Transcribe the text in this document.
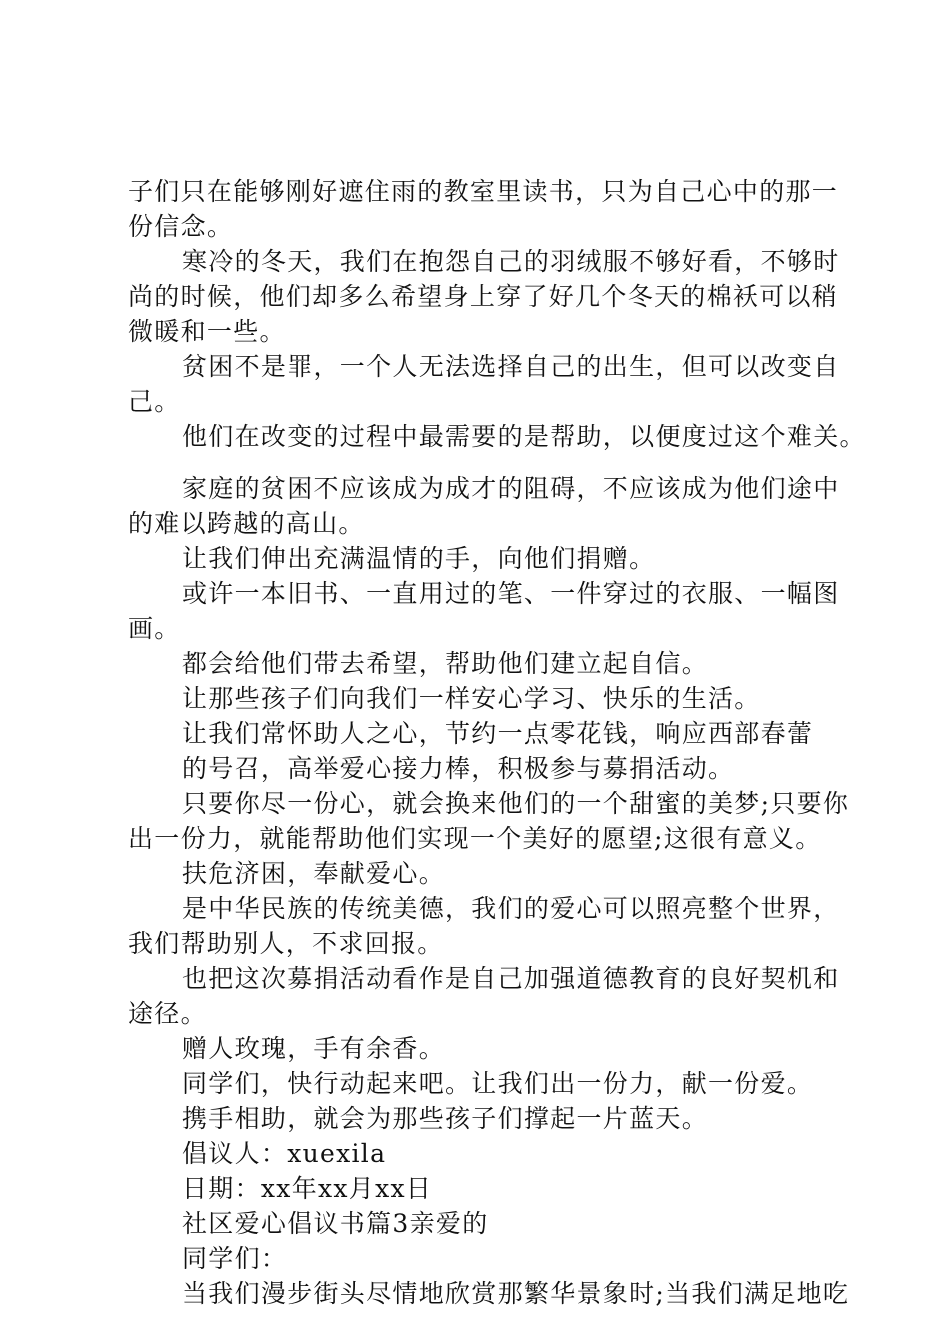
子们只在能够刚好遮住雨的教室里读书，只为自己心中的那一
份信念。
寒冷的冬天，我们在抱怨自己的羽绒服不够好看，不够时
尚的时候，他们却多么希望身上穿了好几个冬天的棉袄可以稍
微暖和一些。
贫困不是罪，一个人无法选择自己的出生，但可以改变自
己。
他们在改变的过程中最需要的是帮助，以便度过这个难关。
家庭的贫困不应该成为成才的阻碍，不应该成为他们途中
的难以跨越的高山。
让我们伸出充满温情的手，向他们捐赠。
或许一本旧书、一直用过的笔、一件穿过的衣服、一幅图
画。
都会给他们带去希望，帮助他们建立起自信。
让那些孩子们向我们一样安心学习、快乐的生活。
让我们常怀助人之心，节约一点零花钱，响应西部春蕾
的号召，高举爱心接力棒，积极参与募捐活动。
只要你尽一份心，就会换来他们的一个甜蜜的美梦;只要你
出一份力，就能帮助他们实现一个美好的愿望;这很有意义。
扶危济困，奉献爱心。
是中华民族的传统美德，我们的爱心可以照亮整个世界，
我们帮助别人，不求回报。
也把这次募捐活动看作是自己加强道德教育的良好契机和
途径。
赠人玫瑰，手有余香。
同学们，快行动起来吧。让我们出一份力，献一份爱。
携手相助，就会为那些孩子们撑起一片蓝天。
倡议人：xuexila
日期：xx年xx月xx日
社区爱心倡议书篇3亲爱的
同学们：
当我们漫步街头尽情地欣赏那繁华景象时;当我们满足地吃
